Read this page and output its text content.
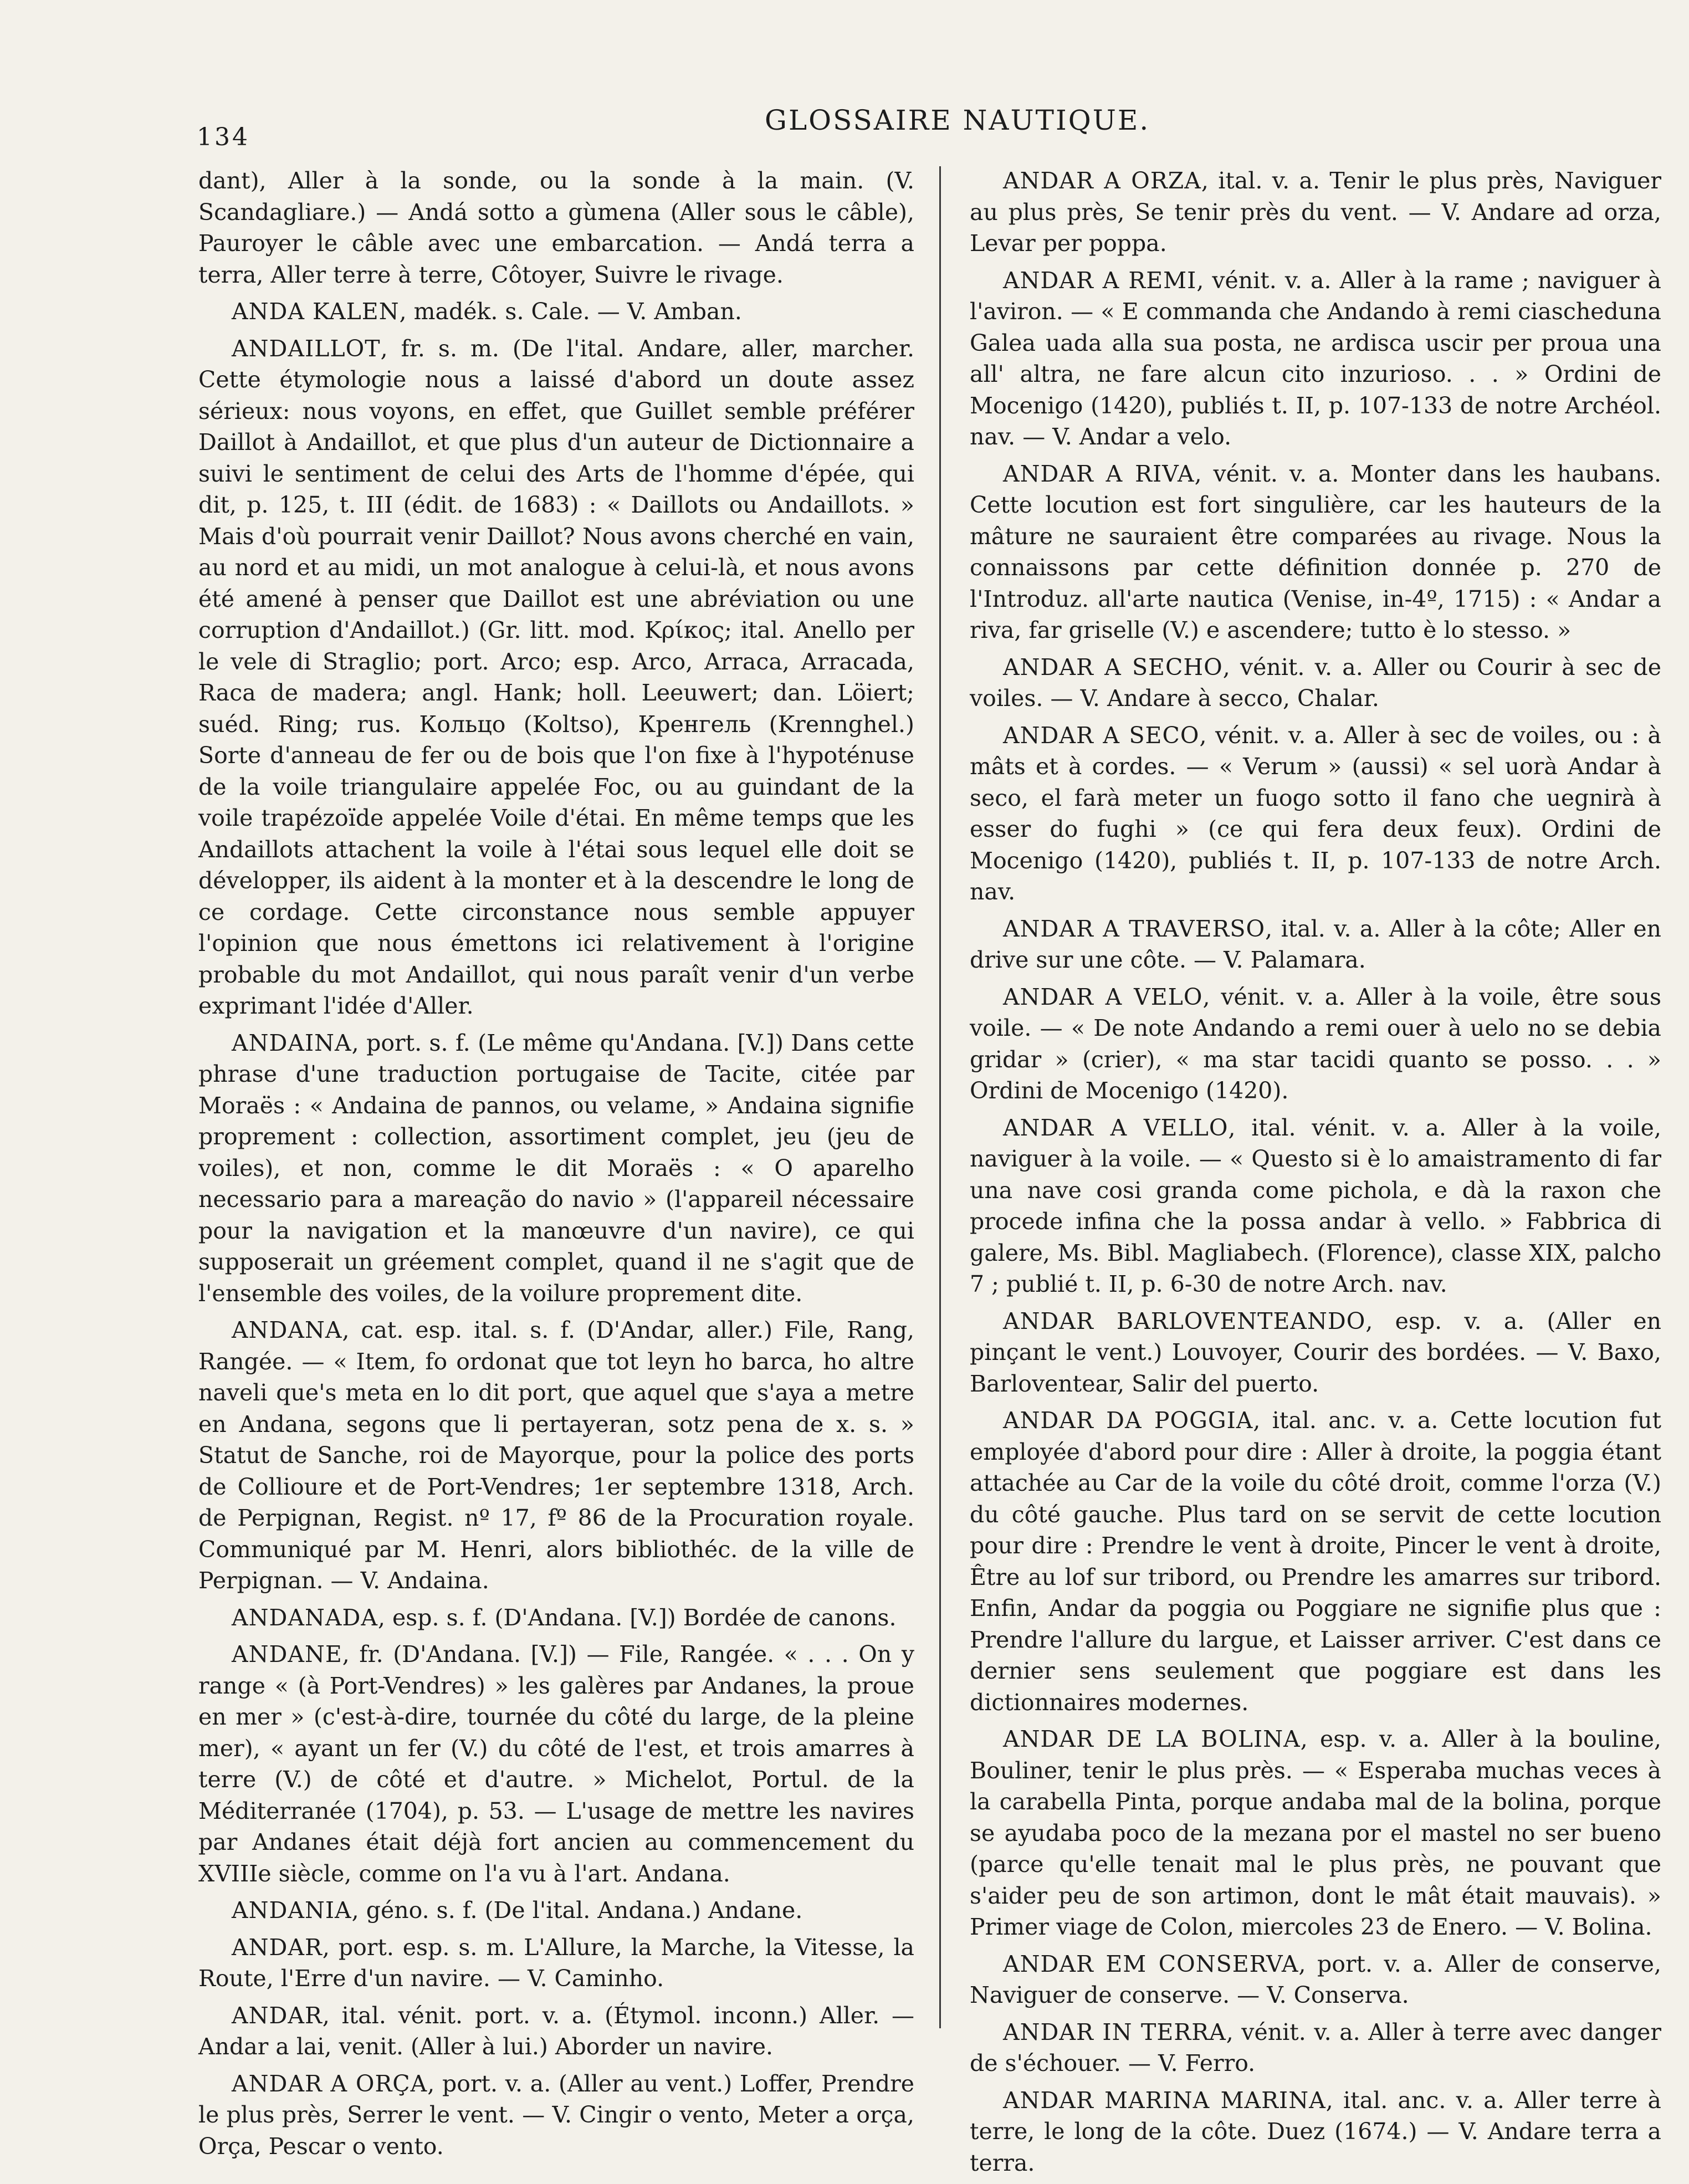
134
GLOSSAIRE NAUTIQUE.

dant), Aller à la sonde, ou la sonde à la main. (V. Scandagliare.) — Andá sotto a gùmena (Aller sous le câble), Pauroyer le câble avec une embarcation. — Andá terra a terra, Aller terre à terre, Côtoyer, Suivre le rivage.

ANDA KALEN, madék. s. Cale. — V. Amban.

ANDAILLOT, fr. s. m. (De l'ital. Andare, aller, marcher. Cette étymologie nous a laissé d'abord un doute assez sérieux: nous voyons, en effet, que Guillet semble préférer Daillot à Andaillot, et que plus d'un auteur de Dictionnaire a suivi le sentiment de celui des Arts de l'homme d'épée, qui dit, p. 125, t. III (édit. de 1683) : « Daillots ou Andaillots. » Mais d'où pourrait venir Daillot? Nous avons cherché en vain, au nord et au midi, un mot analogue à celui-là, et nous avons été amené à penser que Daillot est une abréviation ou une corruption d'Andaillot.) (Gr. litt. mod. Κρίκος; ital. Anello per le vele di Straglio; port. Arco; esp. Arco, Arraca, Arracada, Raca de madera; angl. Hank; holl. Leeuwert; dan. Löiert; suéd. Ring; rus. Кольцо (Koltso), Кренгель (Krennghel.) Sorte d'anneau de fer ou de bois que l'on fixe à l'hypoténuse de la voile triangulaire appelée Foc, ou au guindant de la voile trapézoïde appelée Voile d'étai. En même temps que les Andaillots attachent la voile à l'étai sous lequel elle doit se développer, ils aident à la monter et à la descendre le long de ce cordage. Cette circonstance nous semble appuyer l'opinion que nous émettons ici relativement à l'origine probable du mot Andaillot, qui nous paraît venir d'un verbe exprimant l'idée d'Aller.

ANDAINA, port. s. f. (Le même qu'Andana. [V.]) Dans cette phrase d'une traduction portugaise de Tacite, citée par Moraës : « Andaina de pannos, ou velame, » Andaina signifie proprement : collection, assortiment complet, jeu (jeu de voiles), et non, comme le dit Moraës : « O aparelho necessario para a mareação do navio » (l'appareil nécessaire pour la navigation et la manœuvre d'un navire), ce qui supposerait un gréement complet, quand il ne s'agit que de l'ensemble des voiles, de la voilure proprement dite.

ANDANA, cat. esp. ital. s. f. (D'Andar, aller.) File, Rang, Rangée. — « Item, fo ordonat que tot leyn ho barca, ho altre naveli que's meta en lo dit port, que aquel que s'aya a metre en Andana, segons que li pertayeran, sotz pena de x. s. » Statut de Sanche, roi de Mayorque, pour la police des ports de Collioure et de Port-Vendres; 1er septembre 1318, Arch. de Perpignan, Regist. nº 17, fº 86 de la Procuration royale. Communiqué par M. Henri, alors bibliothéc. de la ville de Perpignan. — V. Andaina.

ANDANADA, esp. s. f. (D'Andana. [V.]) Bordée de canons.

ANDANE, fr. (D'Andana. [V.]) — File, Rangée. « . . . On y range « (à Port-Vendres) » les galères par Andanes, la proue en mer » (c'est-à-dire, tournée du côté du large, de la pleine mer), « ayant un fer (V.) du côté de l'est, et trois amarres à terre (V.) de côté et d'autre. » Michelot, Portul. de la Méditerranée (1704), p. 53. — L'usage de mettre les navires par Andanes était déjà fort ancien au commencement du XVIIIe siècle, comme on l'a vu à l'art. Andana.

ANDANIA, géno. s. f. (De l'ital. Andana.) Andane.

ANDAR, port. esp. s. m. L'Allure, la Marche, la Vitesse, la Route, l'Erre d'un navire. — V. Caminho.

ANDAR, ital. vénit. port. v. a. (Étymol. inconn.) Aller. — Andar a lai, venit. (Aller à lui.) Aborder un navire.

ANDAR A ORÇA, port. v. a. (Aller au vent.) Loffer, Prendre le plus près, Serrer le vent. — V. Cingir o vento, Meter a orça, Orça, Pescar o vento.

ANDAR A ORZA, ital. v. a. Tenir le plus près, Naviguer au plus près, Se tenir près du vent. — V. Andare ad orza, Levar per poppa.

ANDAR A REMI, vénit. v. a. Aller à la rame ; naviguer à l'aviron. — « E commanda che Andando à remi ciascheduna Galea uada alla sua posta, ne ardisca uscir per proua una all' altra, ne fare alcun cito inzurioso. . . » Ordini de Mocenigo (1420), publiés t. II, p. 107-133 de notre Archéol. nav. — V. Andar a velo.

ANDAR A RIVA, vénit. v. a. Monter dans les haubans. Cette locution est fort singulière, car les hauteurs de la mâture ne sauraient être comparées au rivage. Nous la connaissons par cette définition donnée p. 270 de l'Introduz. all'arte nautica (Venise, in-4º, 1715) : « Andar a riva, far griselle (V.) e ascendere; tutto è lo stesso. »

ANDAR A SECHO, vénit. v. a. Aller ou Courir à sec de voiles. — V. Andare à secco, Chalar.

ANDAR A SECO, vénit. v. a. Aller à sec de voiles, ou : à mâts et à cordes. — « Verum » (aussi) « sel uorà Andar à seco, el farà meter un fuogo sotto il fano che uegnirà à esser do fughi » (ce qui fera deux feux). Ordini de Mocenigo (1420), publiés t. II, p. 107-133 de notre Arch. nav.

ANDAR A TRAVERSO, ital. v. a. Aller à la côte; Aller en drive sur une côte. — V. Palamara.

ANDAR A VELO, vénit. v. a. Aller à la voile, être sous voile. — « De note Andando a remi ouer à uelo no se debia gridar » (crier), « ma star tacidi quanto se posso. . . » Ordini de Mocenigo (1420).

ANDAR A VELLO, ital. vénit. v. a. Aller à la voile, naviguer à la voile. — « Questo si è lo amaistramento di far una nave cosi granda come pichola, e dà la raxon che procede infina che la possa andar à vello. » Fabbrica di galere, Ms. Bibl. Magliabech. (Florence), classe XIX, palcho 7 ; publié t. II, p. 6-30 de notre Arch. nav.

ANDAR BARLOVENTEANDO, esp. v. a. (Aller en pinçant le vent.) Louvoyer, Courir des bordées. — V. Baxo, Barloventear, Salir del puerto.

ANDAR DA POGGIA, ital. anc. v. a. Cette locution fut employée d'abord pour dire : Aller à droite, la poggia étant attachée au Car de la voile du côté droit, comme l'orza (V.) du côté gauche. Plus tard on se servit de cette locution pour dire : Prendre le vent à droite, Pincer le vent à droite, Être au lof sur tribord, ou Prendre les amarres sur tribord. Enfin, Andar da poggia ou Poggiare ne signifie plus que : Prendre l'allure du largue, et Laisser arriver. C'est dans ce dernier sens seulement que poggiare est dans les dictionnaires modernes.

ANDAR DE LA BOLINA, esp. v. a. Aller à la bouline, Bouliner, tenir le plus près. — « Esperaba muchas veces à la carabella Pinta, porque andaba mal de la bolina, porque se ayudaba poco de la mezana por el mastel no ser bueno (parce qu'elle tenait mal le plus près, ne pouvant que s'aider peu de son artimon, dont le mât était mauvais). » Primer viage de Colon, miercoles 23 de Enero. — V. Bolina.

ANDAR EM CONSERVA, port. v. a. Aller de conserve, Naviguer de conserve. — V. Conserva.

ANDAR IN TERRA, vénit. v. a. Aller à terre avec danger de s'échouer. — V. Ferro.

ANDAR MARINA MARINA, ital. anc. v. a. Aller terre à terre, le long de la côte. Duez (1674.) — V. Andare terra a terra.
